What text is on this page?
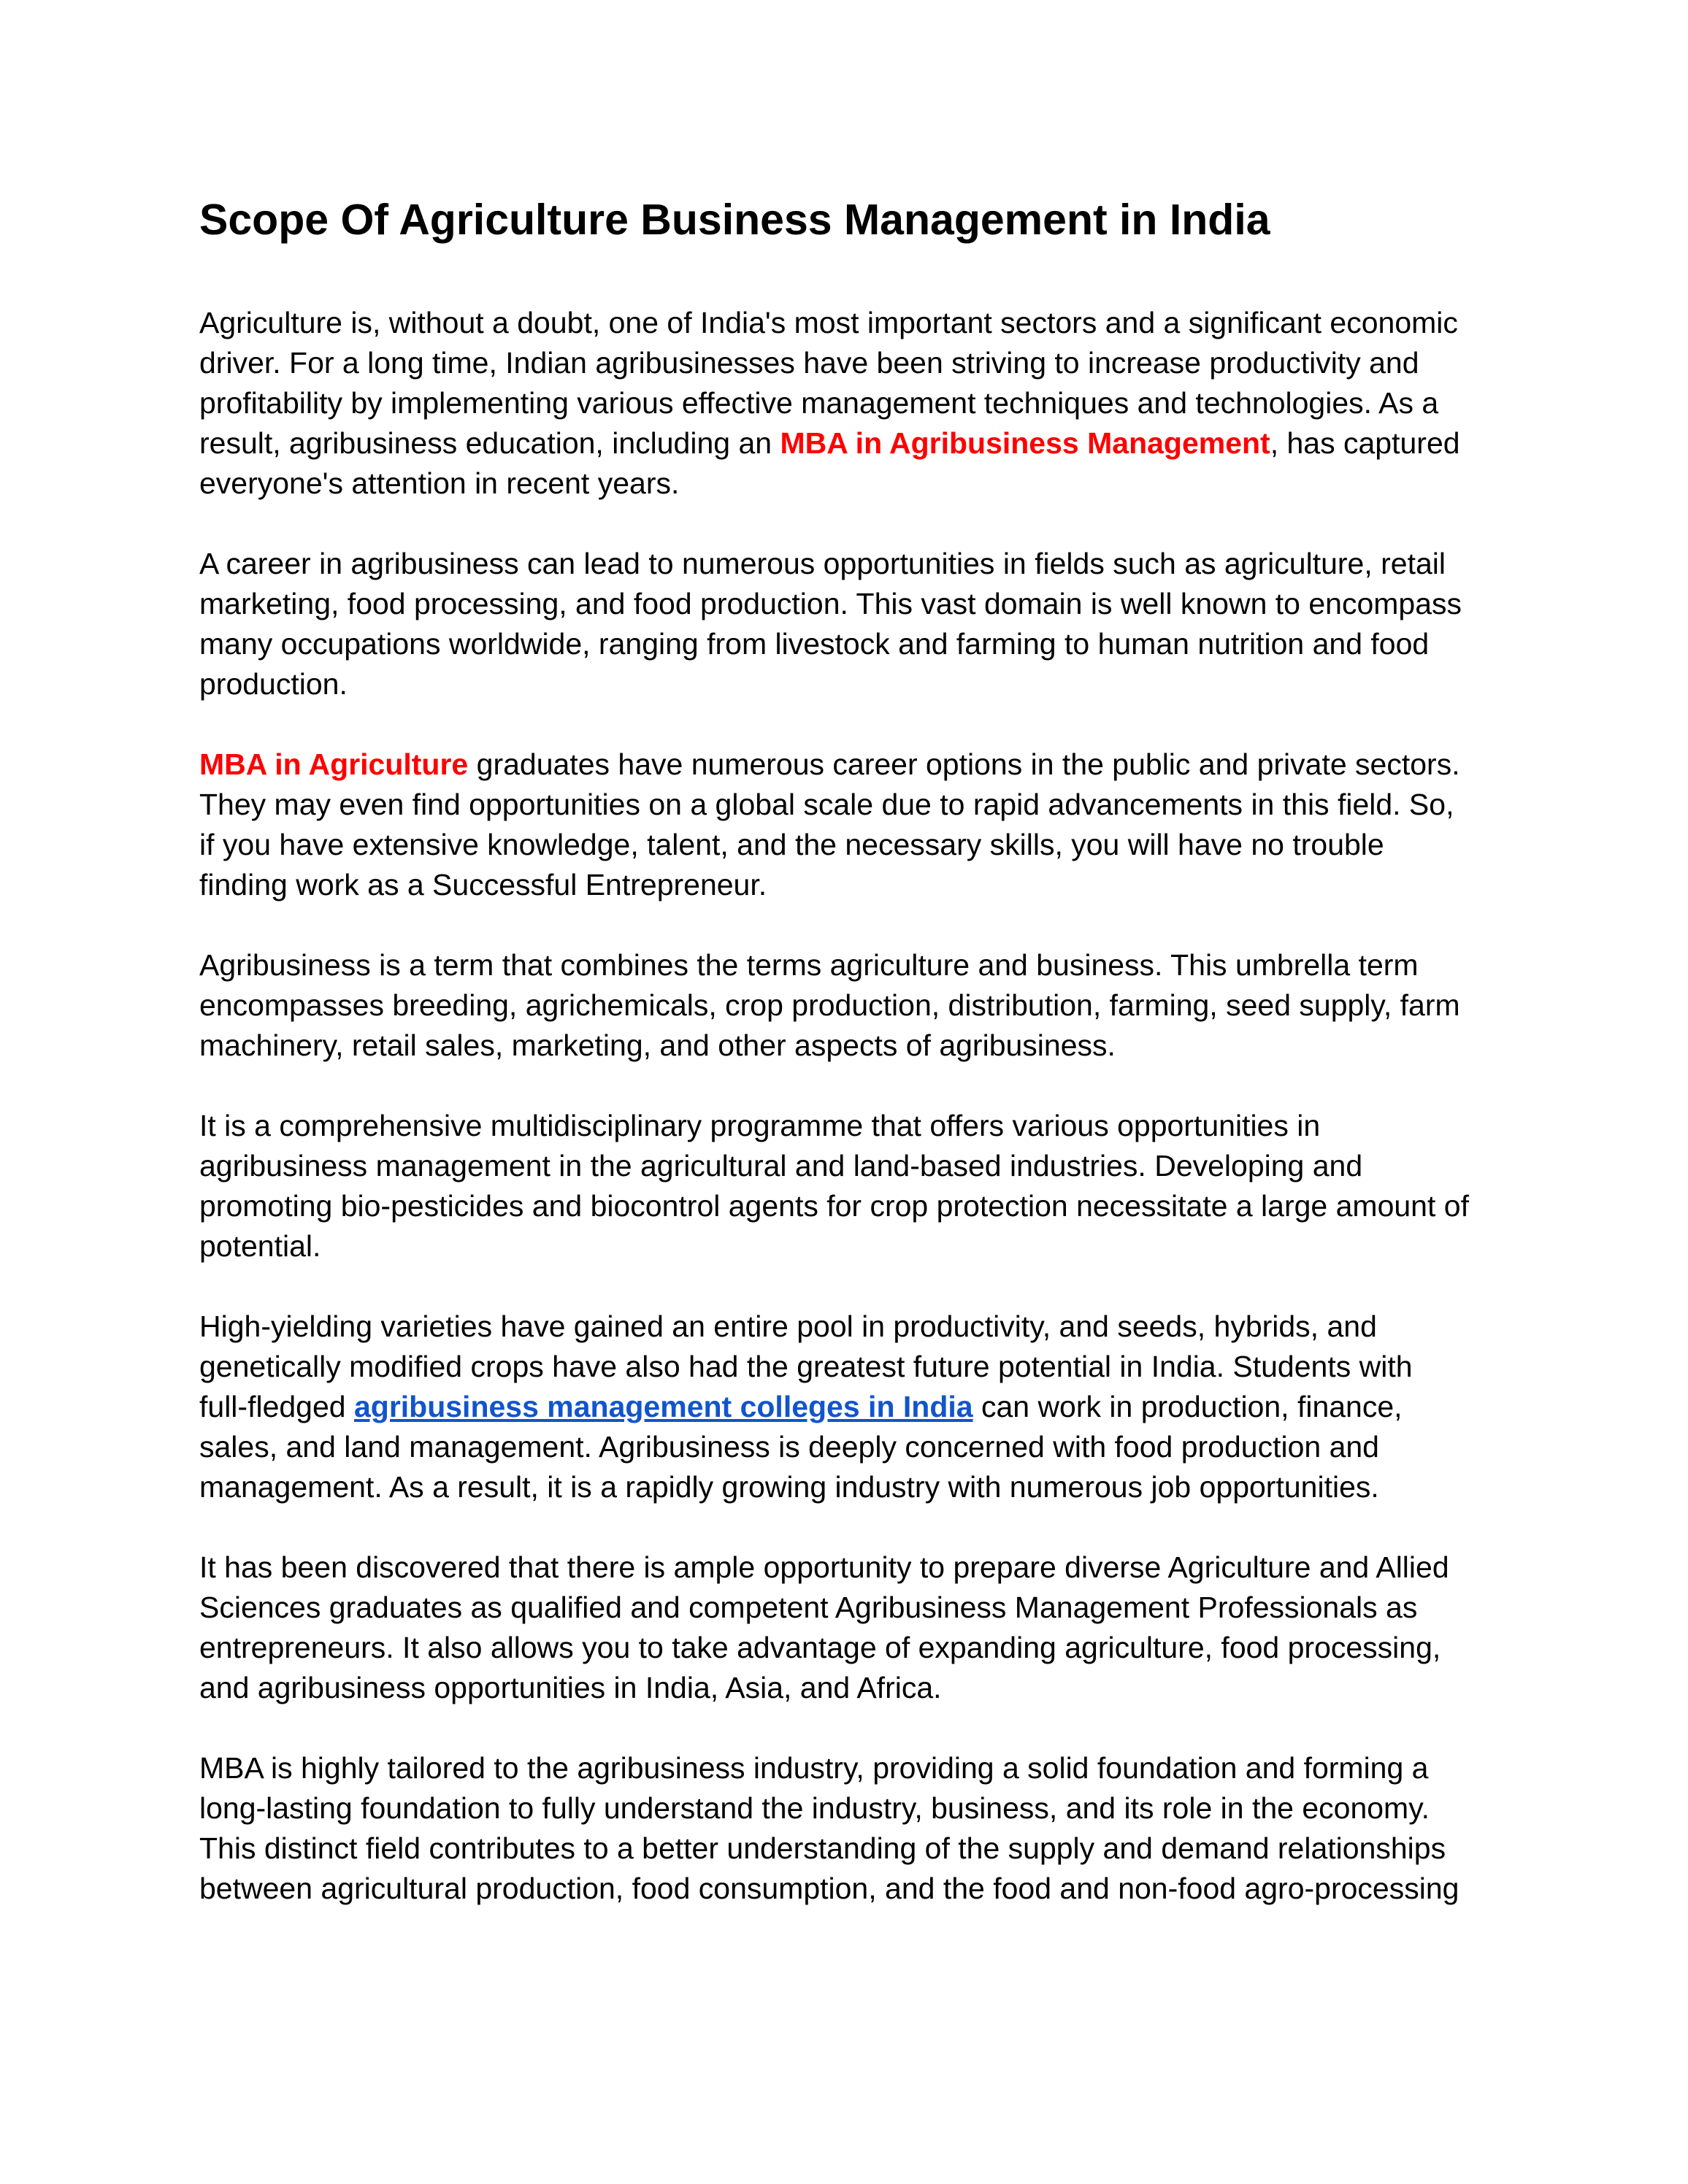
Scope Of Agriculture Business Management in India
Agriculture is, without a doubt, one of India's most important sectors and a significant economic
driver. For a long time, Indian agribusinesses have been striving to increase productivity and
profitability by implementing various effective management techniques and technologies. As a
result, agribusiness education, including an MBA in Agribusiness Management, has captured
everyone's attention in recent years.
A career in agribusiness can lead to numerous opportunities in fields such as agriculture, retail
marketing, food processing, and food production. This vast domain is well known to encompass
many occupations worldwide, ranging from livestock and farming to human nutrition and food
production.
MBA in Agriculture graduates have numerous career options in the public and private sectors.
They may even find opportunities on a global scale due to rapid advancements in this field. So,
if you have extensive knowledge, talent, and the necessary skills, you will have no trouble
finding work as a Successful Entrepreneur.
Agribusiness is a term that combines the terms agriculture and business. This umbrella term
encompasses breeding, agrichemicals, crop production, distribution, farming, seed supply, farm
machinery, retail sales, marketing, and other aspects of agribusiness.
It is a comprehensive multidisciplinary programme that offers various opportunities in
agribusiness management in the agricultural and land-based industries. Developing and
promoting bio-pesticides and biocontrol agents for crop protection necessitate a large amount of
potential.
High-yielding varieties have gained an entire pool in productivity, and seeds, hybrids, and
genetically modified crops have also had the greatest future potential in India. Students with
full-fledged agribusiness management colleges in India can work in production, finance,
sales, and land management. Agribusiness is deeply concerned with food production and
management. As a result, it is a rapidly growing industry with numerous job opportunities.
It has been discovered that there is ample opportunity to prepare diverse Agriculture and Allied
Sciences graduates as qualified and competent Agribusiness Management Professionals as
entrepreneurs. It also allows you to take advantage of expanding agriculture, food processing,
and agribusiness opportunities in India, Asia, and Africa.
MBA is highly tailored to the agribusiness industry, providing a solid foundation and forming a
long-lasting foundation to fully understand the industry, business, and its role in the economy.
This distinct field contributes to a better understanding of the supply and demand relationships
between agricultural production, food consumption, and the food and non-food agro-processing
